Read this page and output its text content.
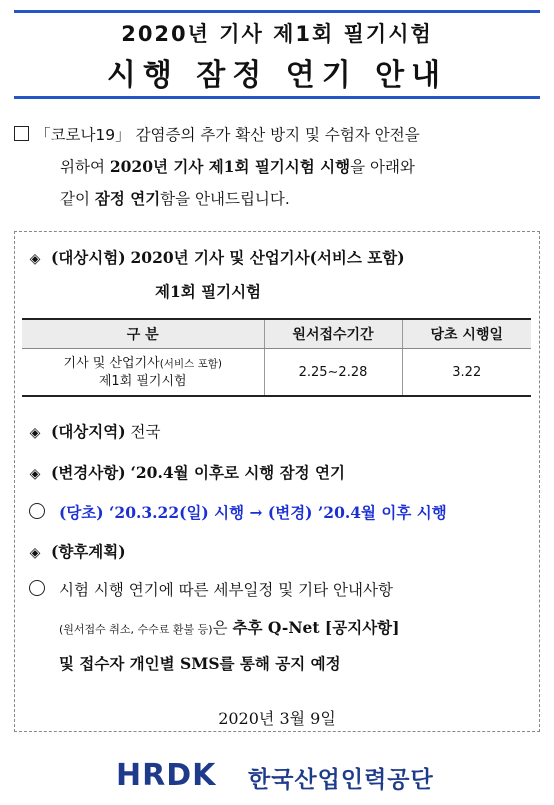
2020년 기사 제1회 필기시험
시행 잠정 연기 안내
「코로나19」 감염증의 추가 확산 방지 및 수험자 안전을
위하여 2020년 기사 제1회 필기시험 시행을 아래와
같이 잠정 연기함을 안내드립니다.
◈ (대상시험) 2020년 기사 및 산업기사(서비스 포함)
제1회 필기시험
구 분	원서접수기간	당초 시행일
기사 및 산업기사(서비스 포함)
제1회 필기시험	2.25∼2.28	3.22
◈ (대상지역) 전국
◈ (변경사항) ‘20.4월 이후로 시행 잠정 연기
(당초) ‘20.3.22(일) 시행 → (변경) ’20.4월 이후 시행
◈ (향후계획)
시험 시행 연기에 따른 세부일정 및 기타 안내사항
(원서접수 취소, 수수료 환불 등)은 추후 Q-Net [공지사항]
및 접수자 개인별 SMS를 통해 공지 예정
2020년 3월 9일
HRDK 한국산업인력공단
